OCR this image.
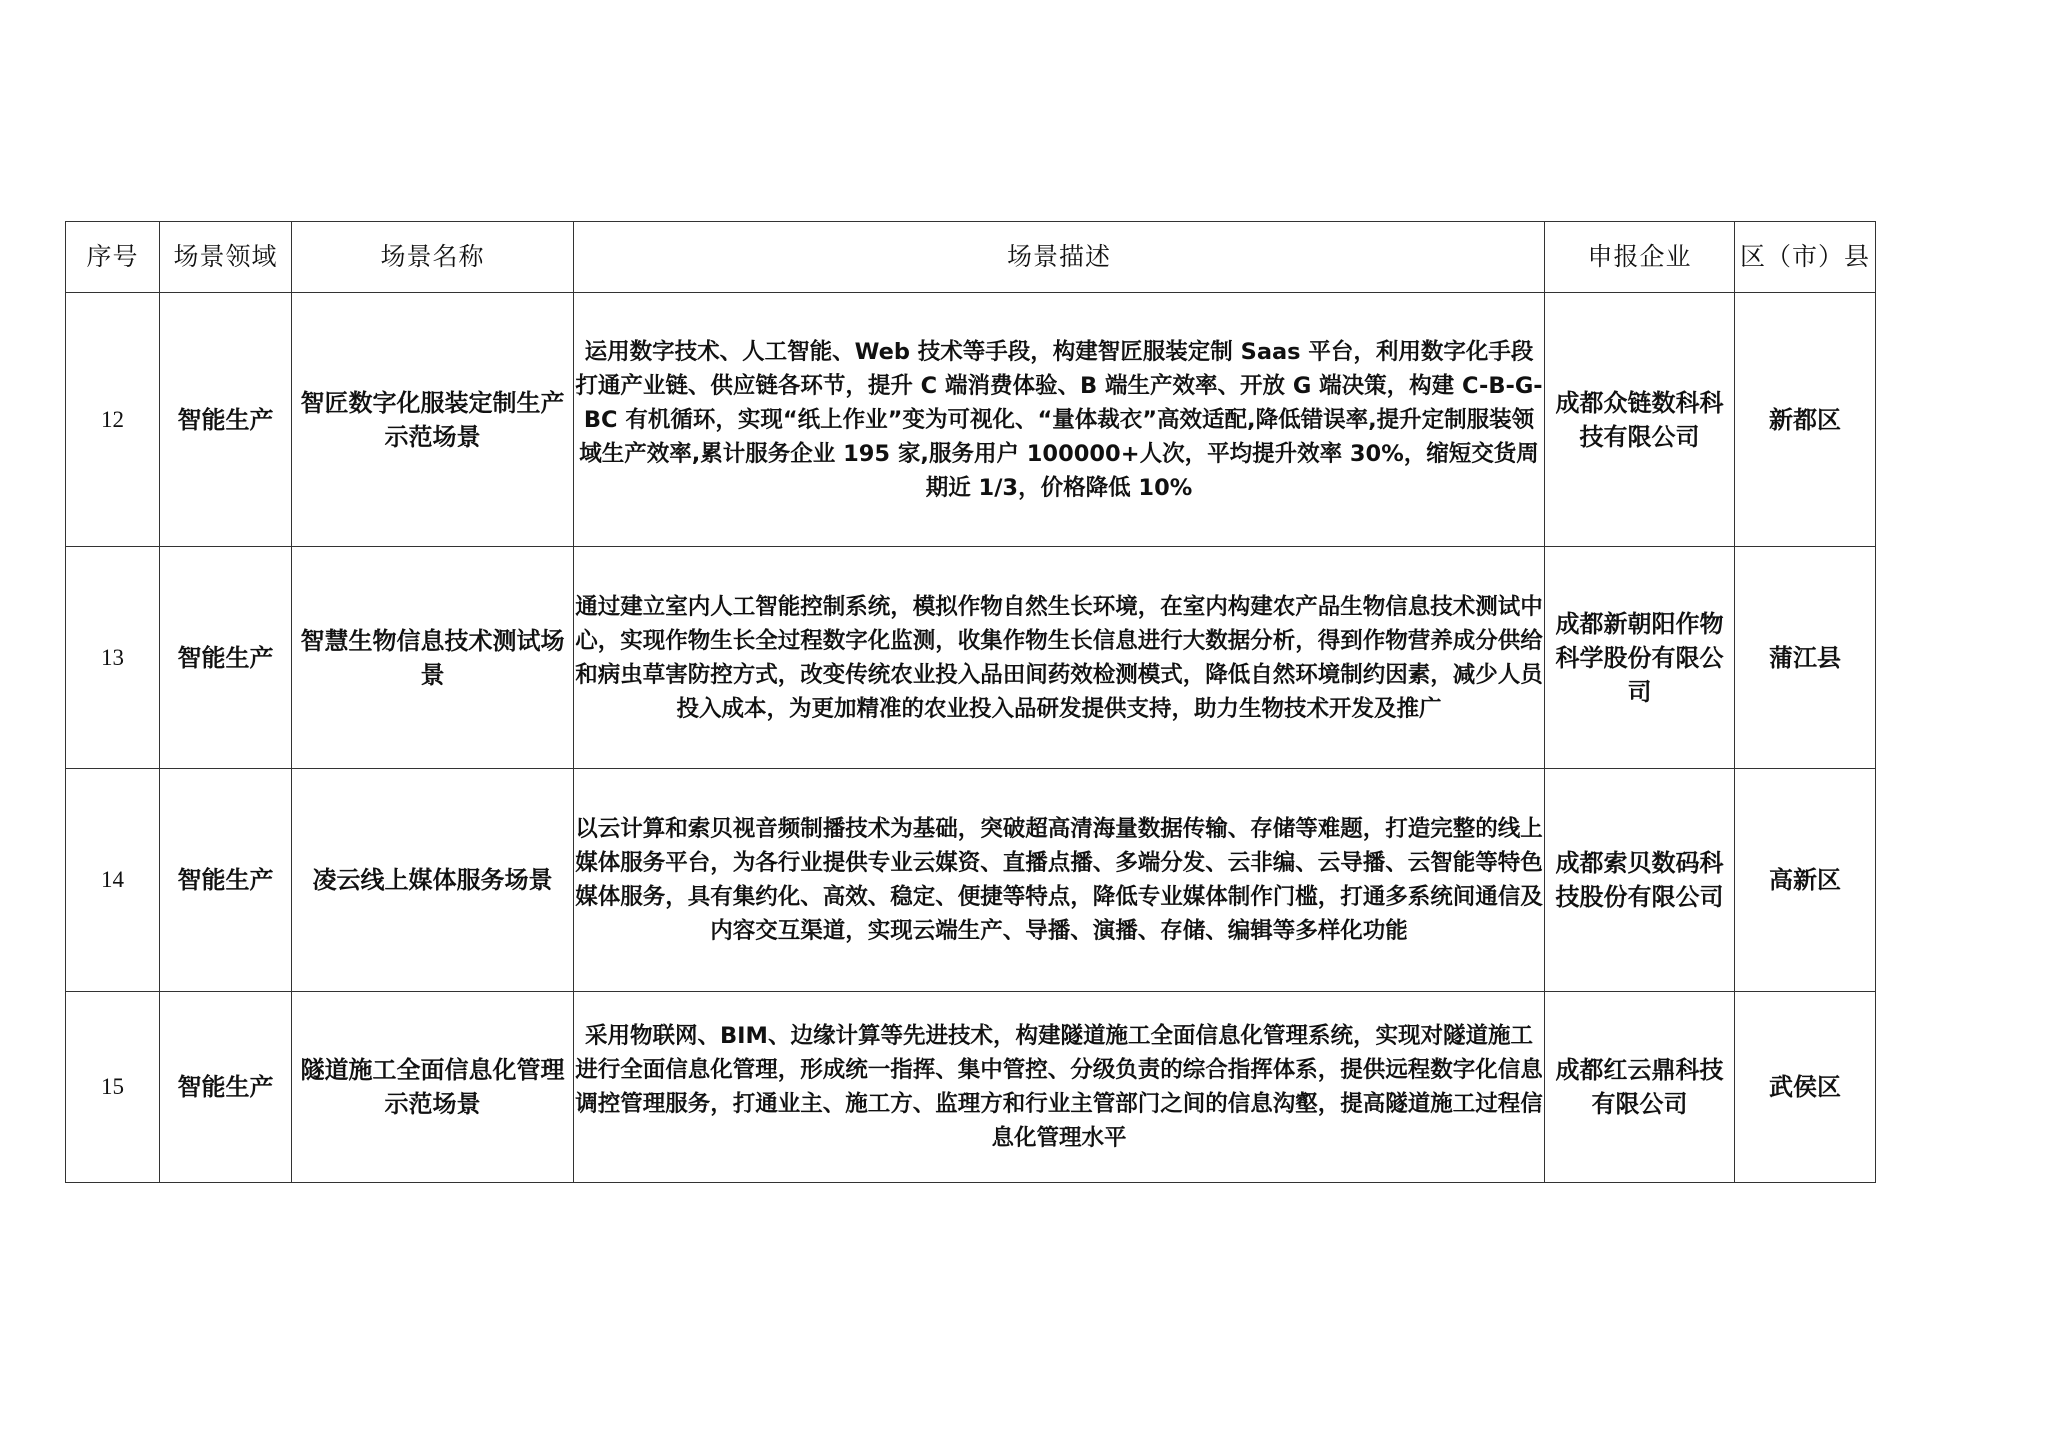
序号	场景领域	场景名称	场景描述	申报企业	区（市）县
12	智能生产	智匠数字化服装定制生产示范场景	运用数字技术、人工智能、Web 技术等手段，构建智匠服装定制 Saas 平台，利用数字化手段打通产业链、供应链各环节，提升 C 端消费体验、B 端生产效率、开放 G 端决策，构建 C-B-G-BC 有机循环，实现“纸上作业”变为可视化、“量体裁衣”高效适配,降低错误率,提升定制服装领域生产效率,累计服务企业 195 家,服务用户 100000+人次，平均提升效率 30%，缩短交货周期近 1/3，价格降低 10%	成都众链数科科技有限公司	新都区
13	智能生产	智慧生物信息技术测试场景	通过建立室内人工智能控制系统，模拟作物自然生长环境，在室内构建农产品生物信息技术测试中心，实现作物生长全过程数字化监测，收集作物生长信息进行大数据分析，得到作物营养成分供给和病虫草害防控方式，改变传统农业投入品田间药效检测模式，降低自然环境制约因素，减少人员投入成本，为更加精准的农业投入品研发提供支持，助力生物技术开发及推广	成都新朝阳作物科学股份有限公司	蒲江县
14	智能生产	凌云线上媒体服务场景	以云计算和索贝视音频制播技术为基础，突破超高清海量数据传输、存储等难题，打造完整的线上媒体服务平台，为各行业提供专业云媒资、直播点播、多端分发、云非编、云导播、云智能等特色媒体服务，具有集约化、高效、稳定、便捷等特点，降低专业媒体制作门槛，打通多系统间通信及内容交互渠道，实现云端生产、导播、演播、存储、编辑等多样化功能	成都索贝数码科技股份有限公司	高新区
15	智能生产	隧道施工全面信息化管理示范场景	采用物联网、BIM、边缘计算等先进技术，构建隧道施工全面信息化管理系统，实现对隧道施工进行全面信息化管理，形成统一指挥、集中管控、分级负责的综合指挥体系，提供远程数字化信息调控管理服务，打通业主、施工方、监理方和行业主管部门之间的信息沟壑，提高隧道施工过程信息化管理水平	成都红云鼎科技有限公司	武侯区
